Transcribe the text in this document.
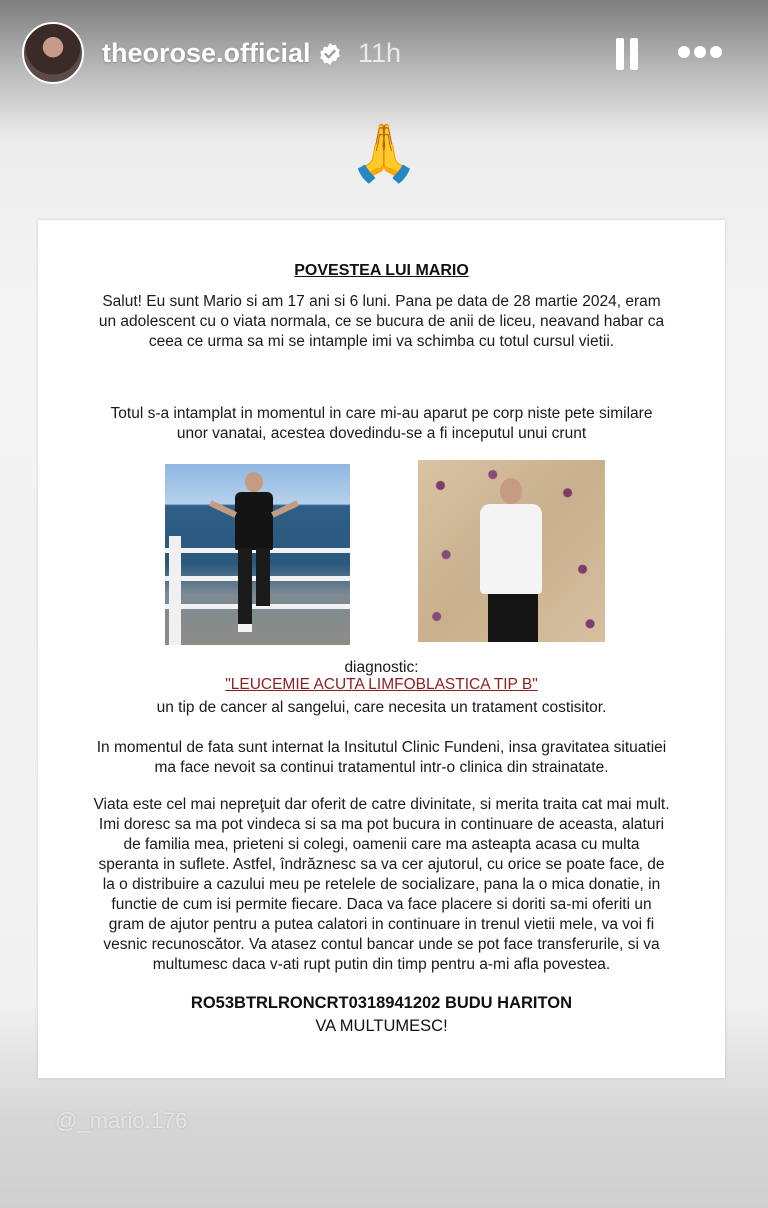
theorose.official 11h
🙏
POVESTEA LUI MARIO

Salut! Eu sunt Mario si am 17 ani si 6 luni. Pana pe data de 28 martie 2024, eram un adolescent cu o viata normala, ce se bucura de anii de liceu, neavand habar ca ceea ce urma sa mi se intample imi va schimba cu totul cursul vietii.

Totul s-a intamplat in momentul in care mi-au aparut pe corp niste pete similare unor vanatai, acestea dovedindu-se a fi inceputul unui crunt

diagnostic:

"LEUCEMIE ACUTA LIMFOBLASTICA TIP B"

un tip de cancer al sangelui, care necesita un tratament costisitor.

In momentul de fata sunt internat la Insitutul Clinic Fundeni, insa gravitatea situatiei ma face nevoit sa continui tratamentul intr-o clinica din strainatate.

Viata este cel mai nepreţuit dar oferit de catre divinitate, si merita traita cat mai mult. Imi doresc sa ma pot vindeca si sa ma pot bucura in continuare de aceasta, alaturi de familia mea, prieteni si colegi, oamenii care ma asteapta acasa cu multa speranta in suflete. Astfel, îndrăznesc sa va cer ajutorul, cu orice se poate face, de la o distribuire a cazului meu pe retelele de socializare, pana la o mica donatie, in functie de cum isi permite fiecare. Daca va face placere si doriti sa-mi oferiti un gram de ajutor pentru a putea calatori in continuare in trenul vietii mele, va voi fi vesnic recunoscător. Va atasez contul bancar unde se pot face transferurile, si va multumesc daca v-ati rupt putin din timp pentru a-mi afla povestea.

RO53BTRLRONCRT0318941202 BUDU HARITON
VA MULTUMESC!
@_mario.176
